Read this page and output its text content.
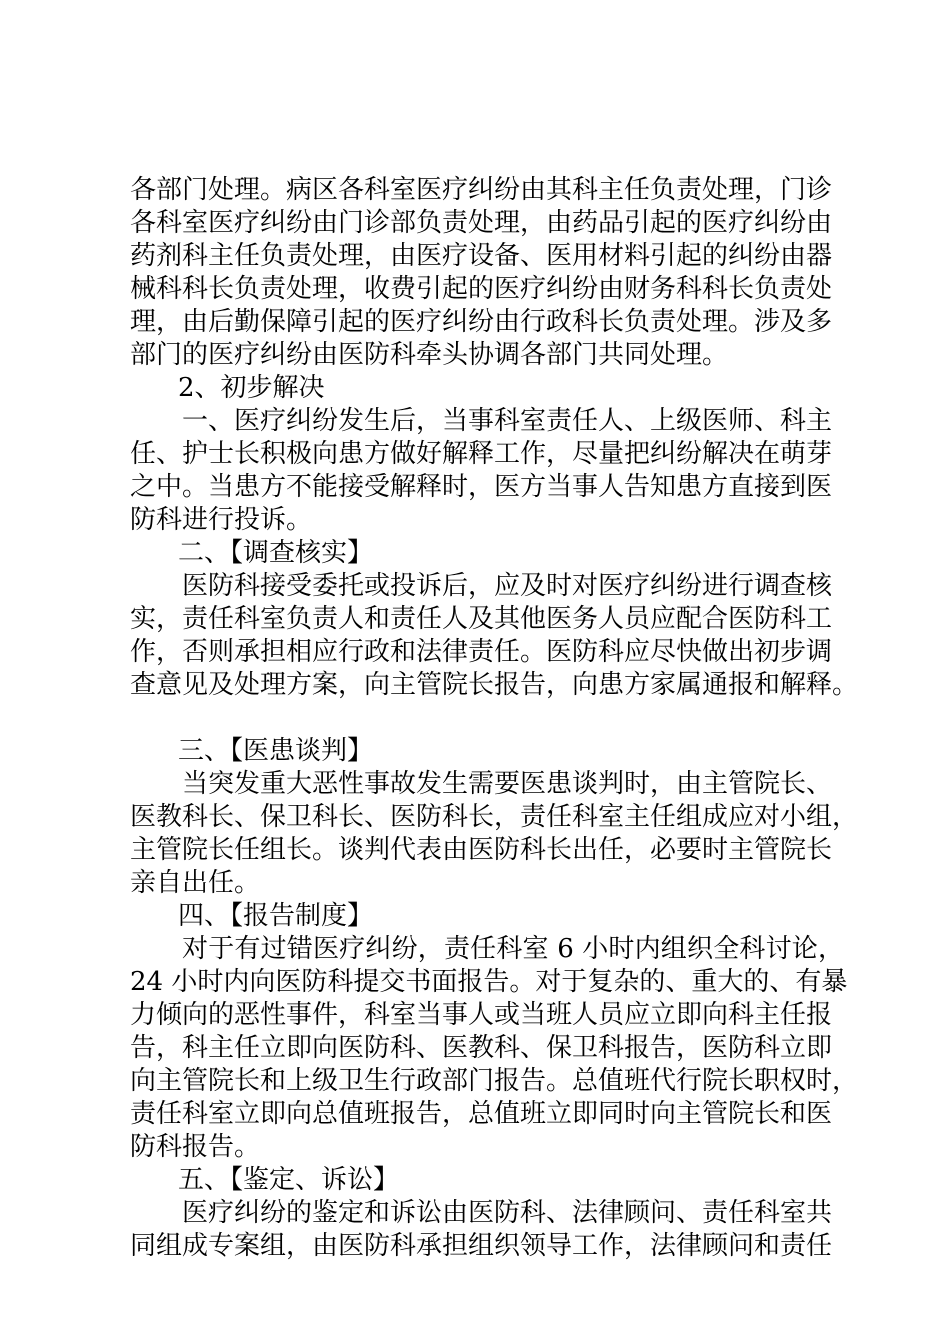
各部门处理。病区各科室医疗纠纷由其科主任负责处理，门诊
各科室医疗纠纷由门诊部负责处理，由药品引起的医疗纠纷由
药剂科主任负责处理，由医疗设备、医用材料引起的纠纷由器
械科科长负责处理，收费引起的医疗纠纷由财务科科长负责处
理，由后勤保障引起的医疗纠纷由行政科长负责处理。涉及多
部门的医疗纠纷由医防科牵头协调各部门共同处理。
2、初步解决
一、医疗纠纷发生后，当事科室责任人、上级医师、科主
任、护士长积极向患方做好解释工作，尽量把纠纷解决在萌芽
之中。当患方不能接受解释时，医方当事人告知患方直接到医
防科进行投诉。
二、【调查核实】
医防科接受委托或投诉后，应及时对医疗纠纷进行调查核
实，责任科室负责人和责任人及其他医务人员应配合医防科工
作，否则承担相应行政和法律责任。医防科应尽快做出初步调
查意见及处理方案，向主管院长报告，向患方家属通报和解释。
三、【医患谈判】
当突发重大恶性事故发生需要医患谈判时，由主管院长、
医教科长、保卫科长、医防科长，责任科室主任组成应对小组，
主管院长任组长。谈判代表由医防科长出任，必要时主管院长
亲自出任。
四、【报告制度】
对于有过错医疗纠纷，责任科室 6 小时内组织全科讨论，
24 小时内向医防科提交书面报告。对于复杂的、重大的、有暴
力倾向的恶性事件，科室当事人或当班人员应立即向科主任报
告，科主任立即向医防科、医教科、保卫科报告，医防科立即
向主管院长和上级卫生行政部门报告。总值班代行院长职权时，
责任科室立即向总值班报告，总值班立即同时向主管院长和医
防科报告。
五、【鉴定、诉讼】
医疗纠纷的鉴定和诉讼由医防科、法律顾问、责任科室共
同组成专案组，由医防科承担组织领导工作，法律顾问和责任
